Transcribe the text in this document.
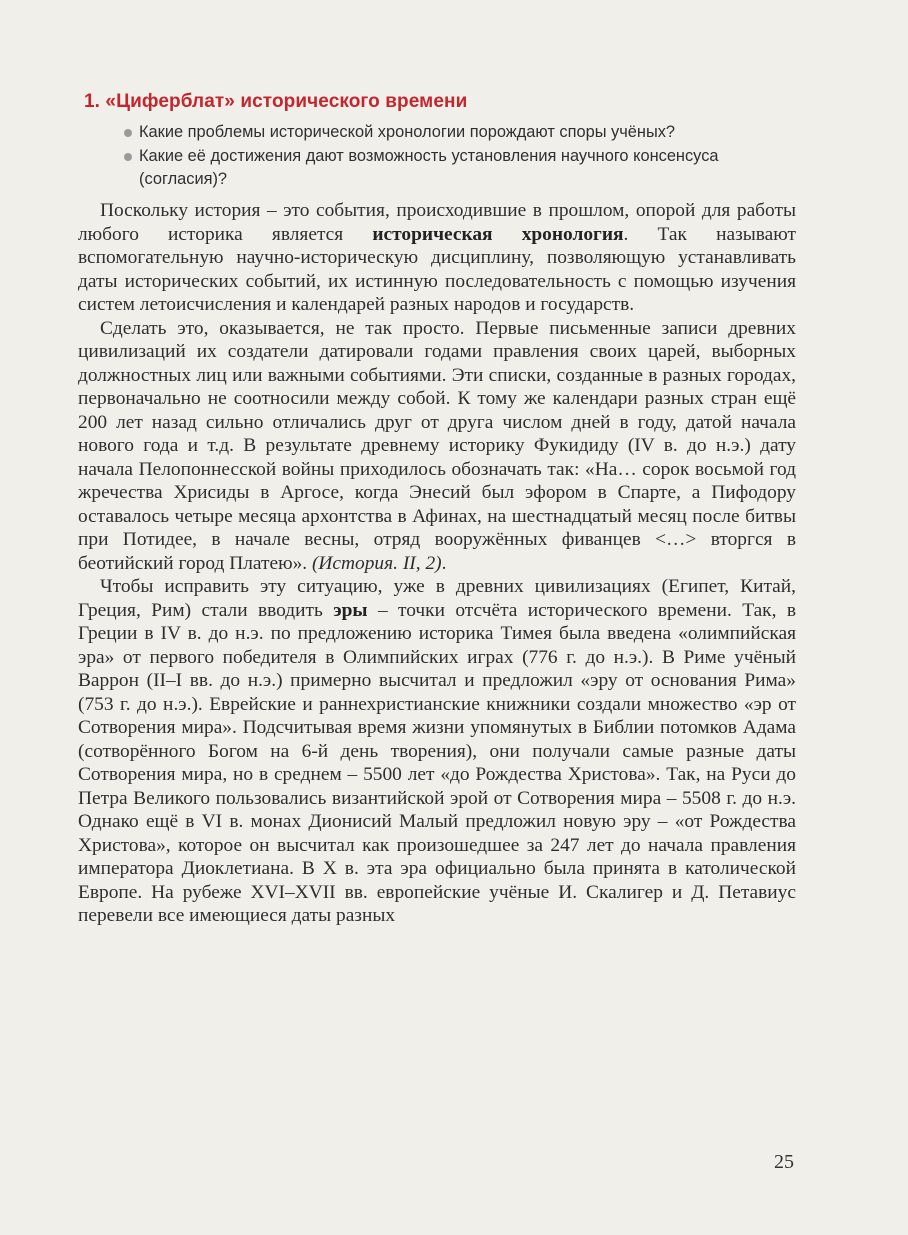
1. «Циферблат» исторического времени
Какие проблемы исторической хронологии порождают споры учёных?
Какие её достижения дают возможность установления научного консенсуса (согласия)?

Поскольку история – это события, происходившие в прошлом, опорой для работы любого историка является историческая хронология. Так называют вспомогательную научно-историческую дисциплину, позволяющую устанавливать даты исторических событий, их истинную последовательность с помощью изучения систем летоисчисления и календарей разных народов и государств.

Сделать это, оказывается, не так просто. Первые письменные записи древних цивилизаций их создатели датировали годами правления своих царей, выборных должностных лиц или важными событиями. Эти списки, созданные в разных городах, первоначально не соотносили между собой. К тому же календари разных стран ещё 200 лет назад сильно отличались друг от друга числом дней в году, датой начала нового года и т.д. В результате древнему историку Фукидиду (IV в. до н.э.) дату начала Пелопоннесской войны приходилось обозначать так: «На… сорок восьмой год жречества Хрисиды в Аргосе, когда Энесий был эфором в Спарте, а Пифодору оставалось четыре месяца архонтства в Афинах, на шестнадцатый месяц после битвы при Потидее, в начале весны, отряд вооружённых фиванцев <…> вторгся в беотийский город Платею». (История. II, 2).

Чтобы исправить эту ситуацию, уже в древних цивилизациях (Египет, Китай, Греция, Рим) стали вводить эры – точки отсчёта исторического времени. Так, в Греции в IV в. до н.э. по предложению историка Тимея была введена «олимпийская эра» от первого победителя в Олимпийских играх (776 г. до н.э.). В Риме учёный Варрон (II–I вв. до н.э.) примерно высчитал и предложил «эру от основания Рима» (753 г. до н.э.). Еврейские и раннехристианские книжники создали множество «эр от Сотворения мира». Подсчитывая время жизни упомянутых в Библии потомков Адама (сотворённого Богом на 6-й день творения), они получали самые разные даты Сотворения мира, но в среднем – 5500 лет «до Рождества Христова». Так, на Руси до Петра Великого пользовались византийской эрой от Сотворения мира – 5508 г. до н.э. Однако ещё в VI в. монах Дионисий Малый предложил новую эру – «от Рождества Христова», которое он высчитал как произошедшее за 247 лет до начала правления императора Диоклетиана. В X в. эта эра официально была принята в католической Европе. На рубеже XVI–XVII вв. европейские учёные И. Скалигер и Д. Петавиус перевели все имеющиеся даты разных

25
